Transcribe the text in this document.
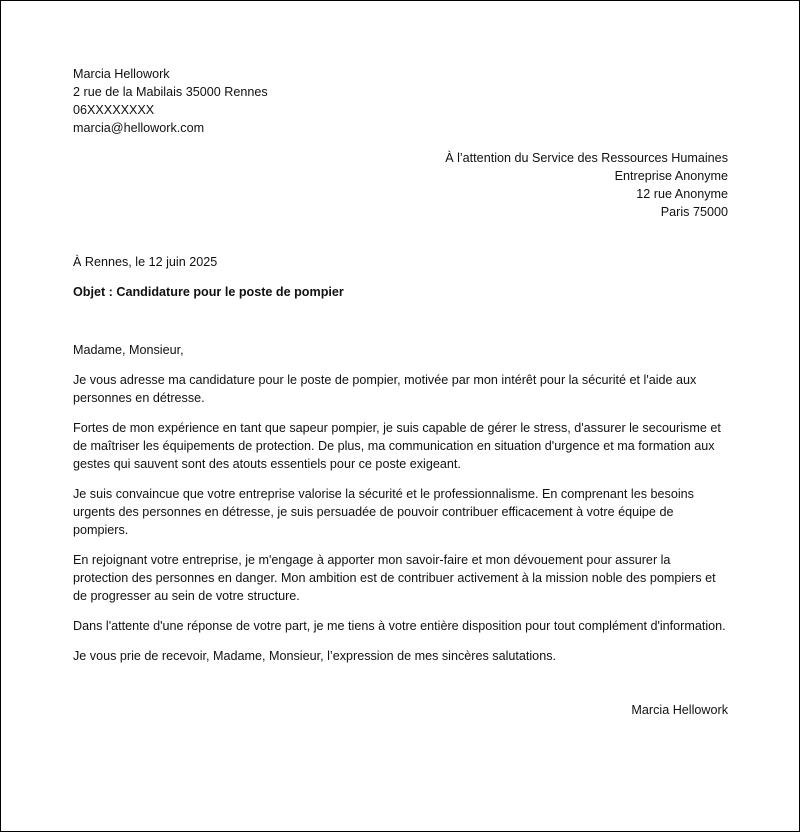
Marcia Hellowork
2 rue de la Mabilais 35000 Rennes
06XXXXXXXX
marcia@hellowork.com
À l’attention du Service des Ressources Humaines
Entreprise Anonyme
12 rue Anonyme
Paris 75000
À Rennes, le 12 juin 2025
Objet : Candidature pour le poste de pompier
Madame, Monsieur,

Je vous adresse ma candidature pour le poste de pompier, motivée par mon intérêt pour la sécurité et l'aide aux personnes en détresse.

Fortes de mon expérience en tant que sapeur pompier, je suis capable de gérer le stress, d'assurer le secourisme et de maîtriser les équipements de protection. De plus, ma communication en situation d'urgence et ma formation aux gestes qui sauvent sont des atouts essentiels pour ce poste exigeant.

Je suis convaincue que votre entreprise valorise la sécurité et le professionnalisme. En comprenant les besoins urgents des personnes en détresse, je suis persuadée de pouvoir contribuer efficacement à votre équipe de pompiers.

En rejoignant votre entreprise, je m'engage à apporter mon savoir-faire et mon dévouement pour assurer la protection des personnes en danger. Mon ambition est de contribuer activement à la mission noble des pompiers et de progresser au sein de votre structure.

Dans l'attente d'une réponse de votre part, je me tiens à votre entière disposition pour tout complément d'information.

Je vous prie de recevoir, Madame, Monsieur, l’expression de mes sincères salutations.

Marcia Hellowork
